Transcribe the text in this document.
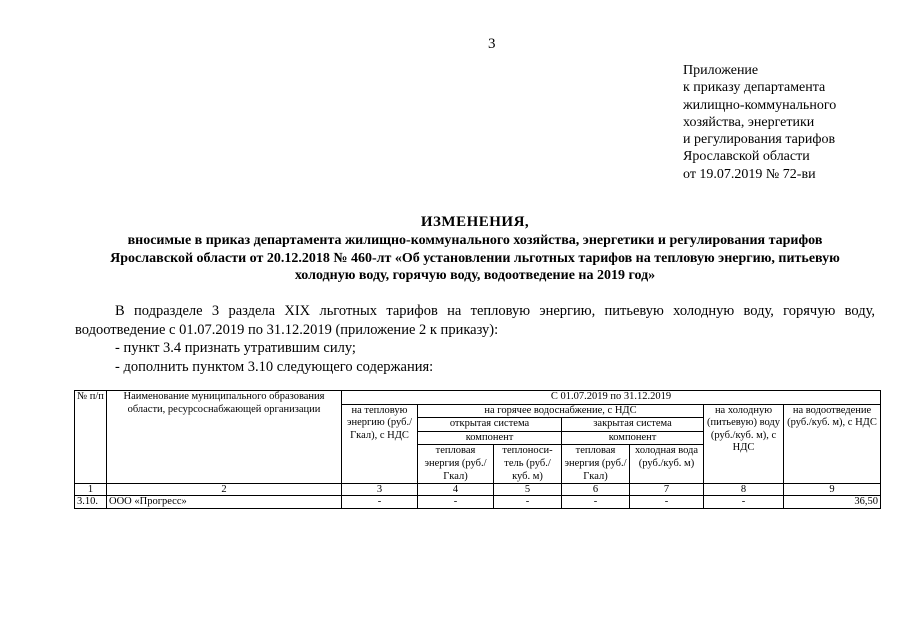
3
Приложение
к приказу департамента
жилищно-коммунального
хозяйства, энергетики
и регулирования тарифов
Ярославской области
от 19.07.2019 № 72-ви
ИЗМЕНЕНИЯ,
вносимые в приказ департамента жилищно-коммунального хозяйства, энергетики и регулирования тарифов
Ярославской области от 20.12.2018 № 460-лт «Об установлении льготных тарифов на тепловую энергию, питьевую
холодную воду, горячую воду, водоотведение на 2019 год»
В подразделе 3 раздела XIX льготных тарифов на тепловую энергию, питьевую холодную воду, горячую воду, водоотведение с 01.07.2019 по 31.12.2019 (приложение 2 к приказу):
- пункт 3.4 признать утратившим силу;
- дополнить пунктом 3.10 следующего содержания:
№ п/п	Наименование муниципального образования области, ресурсоснабжающей организации	С 01.07.2019 по 31.12.2019						
		на тепловую энергию (руб./Гкал), с НДС	на горячее водоснабжение, с НДС				на холодную (питьевую) воду (руб./куб. м), с НДС	на водоотведение (руб./куб. м), с НДС
			открытая система		закрытая система			
			компонент		компонент			
			тепловая энергия (руб./Гкал)	теплоноси-тель (руб./куб. м)	тепловая энергия (руб./Гкал)	холодная вода (руб./куб. м)		

1	2	3	4	5	6	7	8	9
3.10.	ООО «Прогресс»	-	-	-	-	-	-	36,50
